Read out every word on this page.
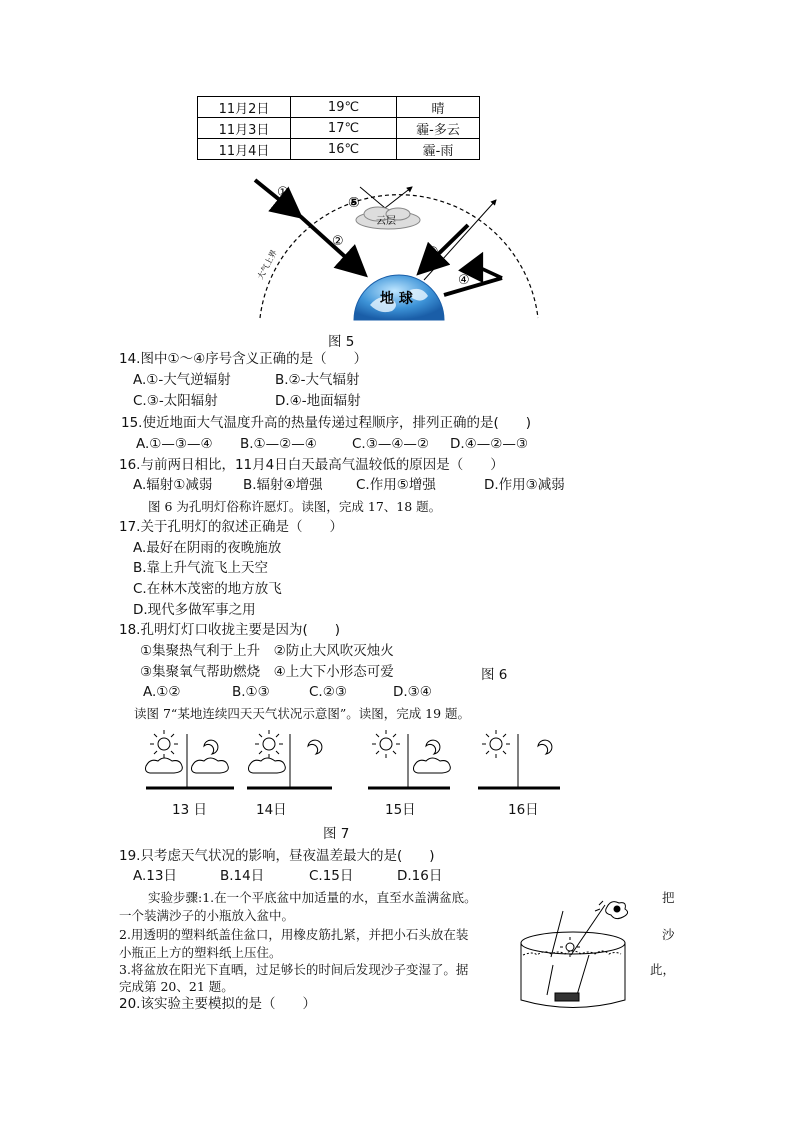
11月2日	19℃	晴
11月3日	17℃	霾-多云
11月4日	16℃	霾-雨
大气上界
地 球
①
②
③
④
云层
⑤
图 5
14.图中①～④序号含义正确的是（　　）
A.①-大气逆辐射	B.②-大气辐射
C.③-太阳辐射	D.④-地面辐射
15.使近地面大气温度升高的热量传递过程顺序，排列正确的是(　　)
A.①—③—④ B.①—②—④	C.③—④—② D.④—②—③
16.与前两日相比，11月4日白天最高气温较低的原因是（　　）
A.辐射①减弱 B.辐射④增强 C.作用⑤增强	D.作用③减弱
图 6 为孔明灯俗称许愿灯。读图，完成 17、18 题。
17.关于孔明灯的叙述正确是（　　）
A.最好在阴雨的夜晚施放
B.靠上升气流飞上天空
C.在林木茂密的地方放飞
D.现代多做军事之用
18.孔明灯灯口收拢主要是因为(　　)
①集聚热气利于上升　②防止大风吹灭烛火
③集聚氧气帮助燃烧　④上大下小形态可爱	图 6
A.①②	B.①③	C.②③	D.③④
读图 7“某地连续四天天气状况示意图”。读图，完成 19 题。
13 日	14日	15日	16日
图 7
19.只考虑天气状况的影响，昼夜温差最大的是(　　)
A.13日	B.14日	C.15日	D.16日
实验步骤:1.在一个平底盆中加适量的水，直至水盖满盆底。	把
一个装满沙子的小瓶放入盆中。
2.用透明的塑料纸盖住盆口，用橡皮筋扎紧，并把小石头放在装	沙
小瓶正上方的塑料纸上压住。
3.将盆放在阳光下直晒，过足够长的时间后发现沙子变湿了。据	此，
完成第 20、21 题。
20.该实验主要模拟的是（　　）
